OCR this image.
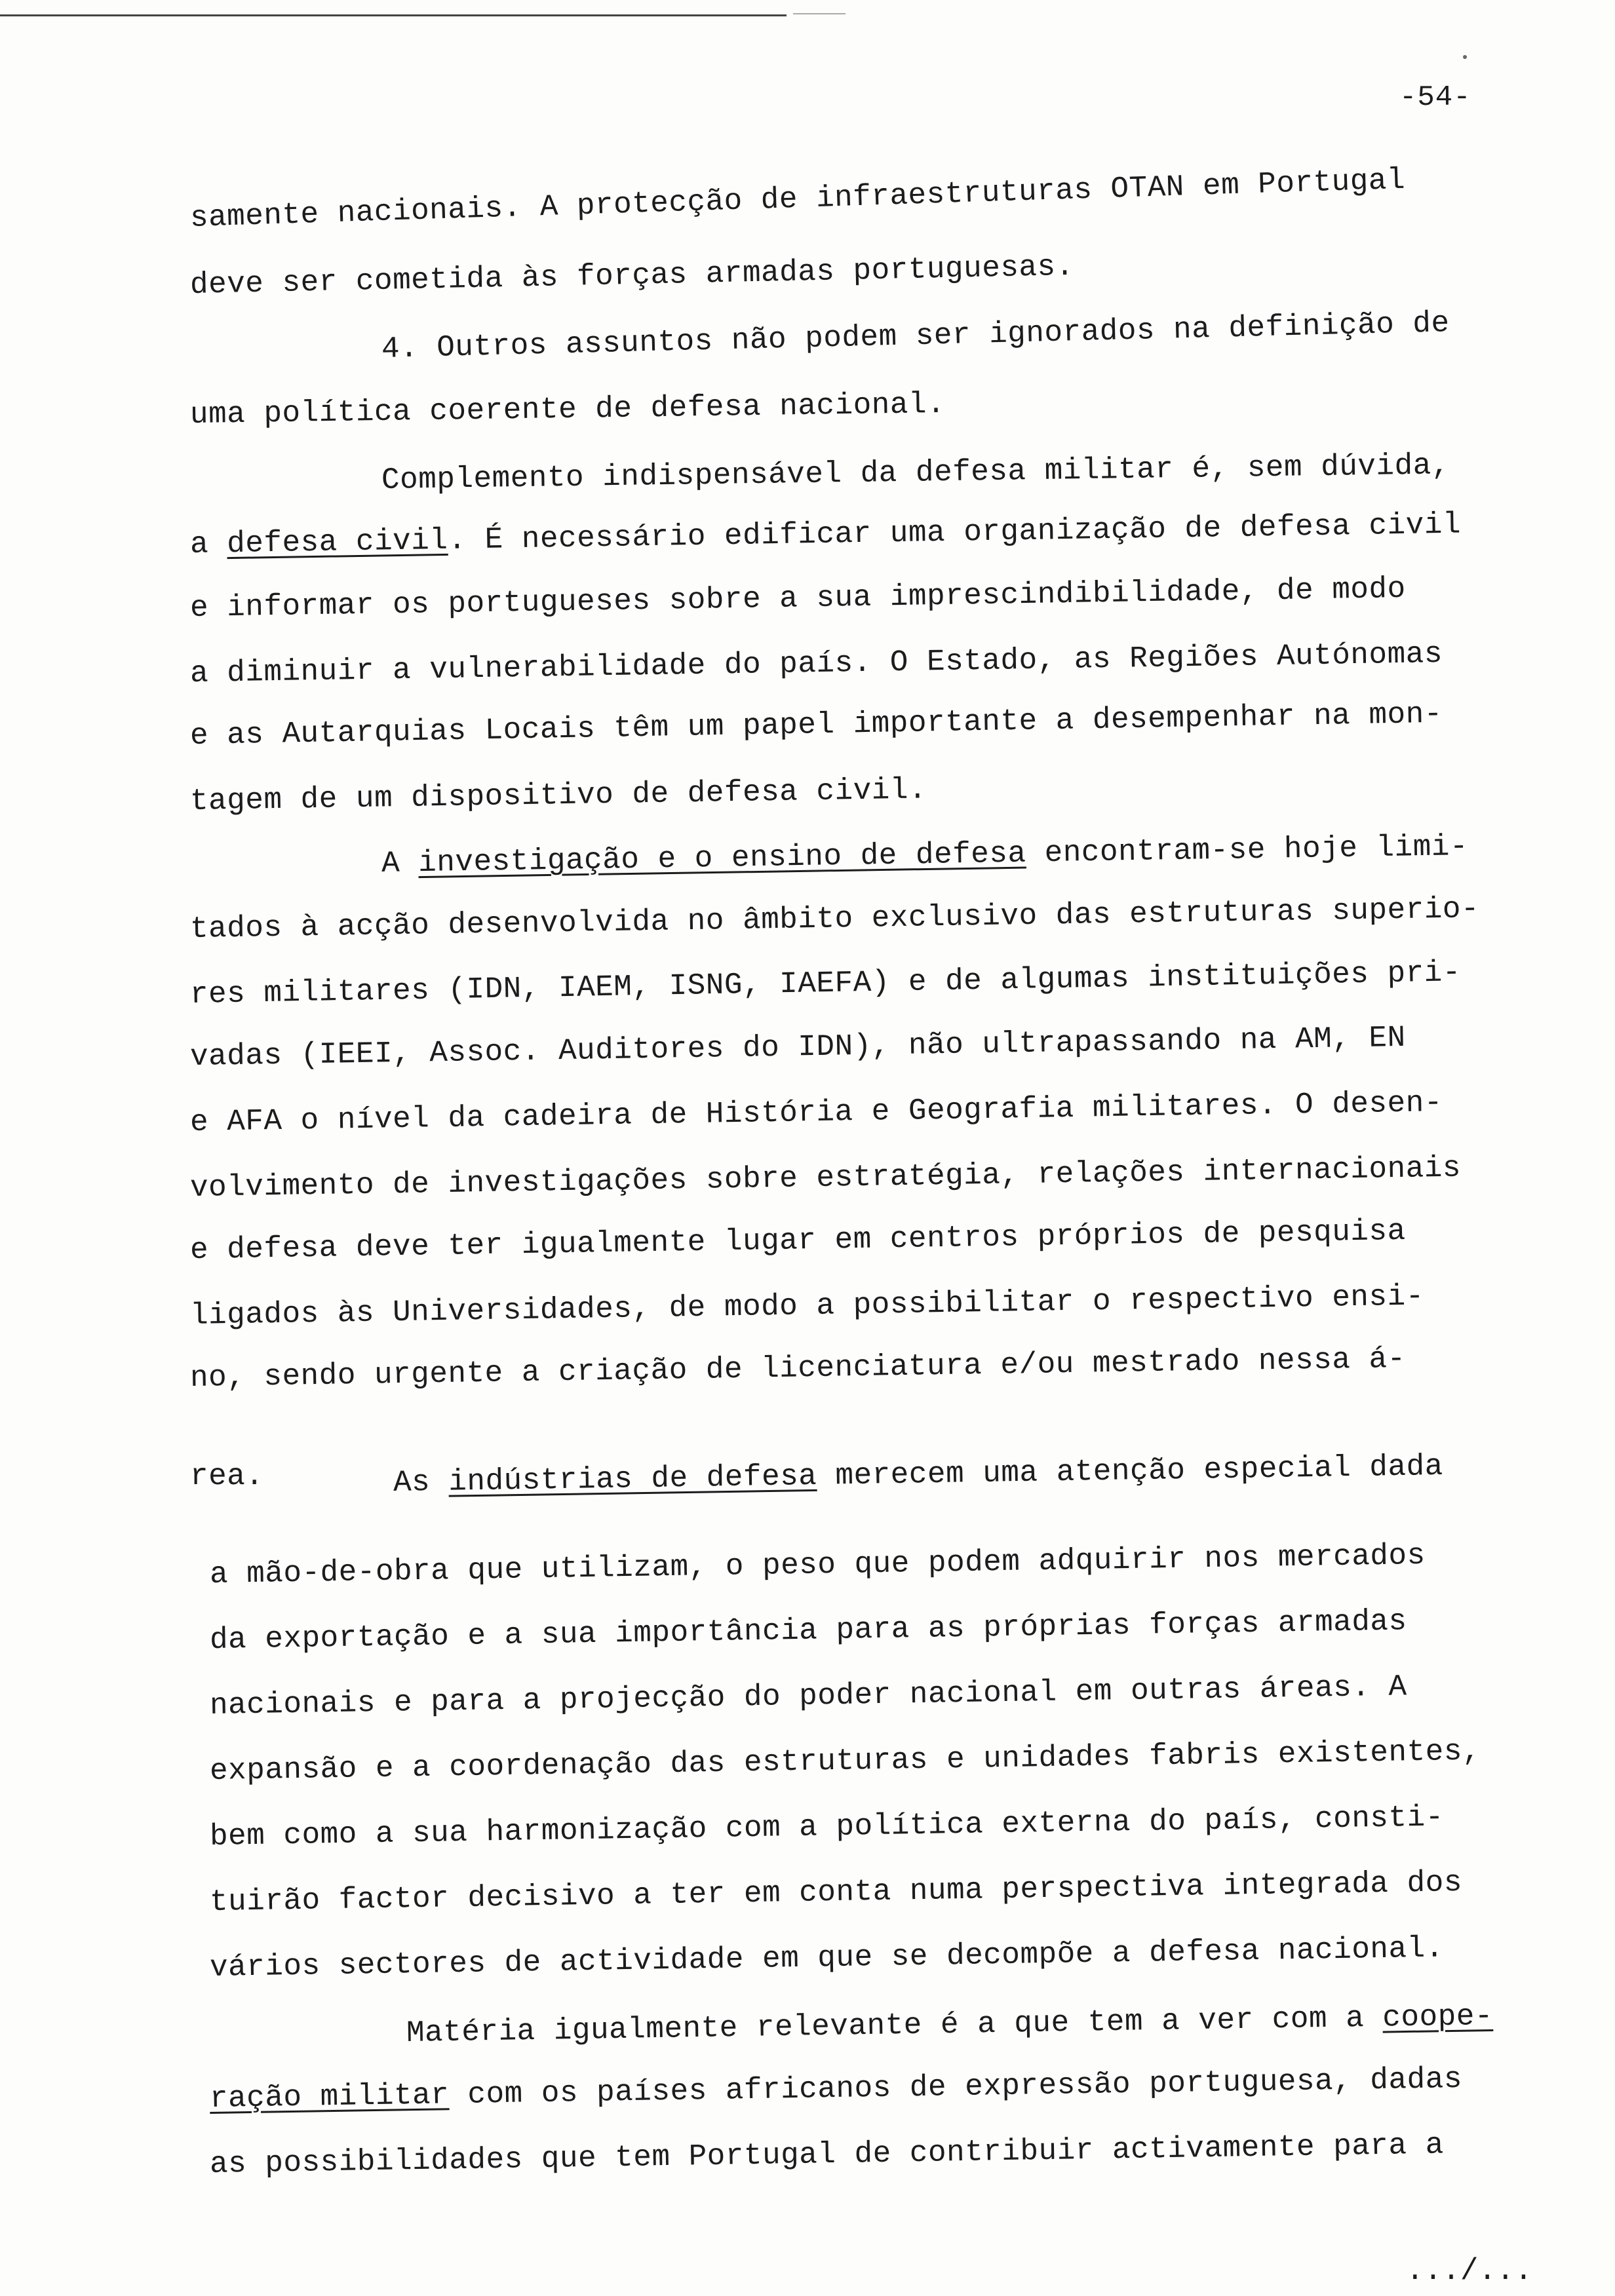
-54-
samente nacionais. A protecção de infraestruturas OTAN em Portugal
deve ser cometida às forças armadas portuguesas.
4. Outros assuntos não podem ser ignorados na definição de
uma política coerente de defesa nacional.
Complemento indispensável da defesa militar é, sem dúvida,
a defesa civil. É necessário edificar uma organização de defesa civil
e informar os portugueses sobre a sua imprescindibilidade, de modo
a diminuir a vulnerabilidade do país. O Estado, as Regiões Autónomas
e as Autarquias Locais têm um papel importante a desempenhar na mon-
tagem de um dispositivo de defesa civil.
A investigação e o ensino de defesa encontram-se hoje limi-
tados à acção desenvolvida no âmbito exclusivo das estruturas superio-
res militares (IDN, IAEM, ISNG, IAEFA) e de algumas instituições pri-
vadas (IEEI, Assoc. Auditores do IDN), não ultrapassando na AM, EN
e AFA o nível da cadeira de História e Geografia militares. O desen-
volvimento de investigações sobre estratégia, relações internacionais
e defesa deve ter igualmente lugar em centros próprios de pesquisa
ligados às Universidades, de modo a possibilitar o respectivo ensi-
no, sendo urgente a criação de licenciatura e/ou mestrado nessa á-
rea.	As indústrias de defesa merecem uma atenção especial dada
a mão-de-obra que utilizam, o peso que podem adquirir nos mercados
da exportação e a sua importância para as próprias forças armadas
nacionais e para a projecção do poder nacional em outras áreas. A
expansão e a coordenação das estruturas e unidades fabris existentes,
bem como a sua harmonização com a política externa do país, consti-
tuirão factor decisivo a ter em conta numa perspectiva integrada dos
vários sectores de actividade em que se decompõe a defesa nacional.
Matéria igualmente relevante é a que tem a ver com a coope-
ração militar com os países africanos de expressão portuguesa, dadas
as possibilidades que tem Portugal de contribuir activamente para a
.../...
